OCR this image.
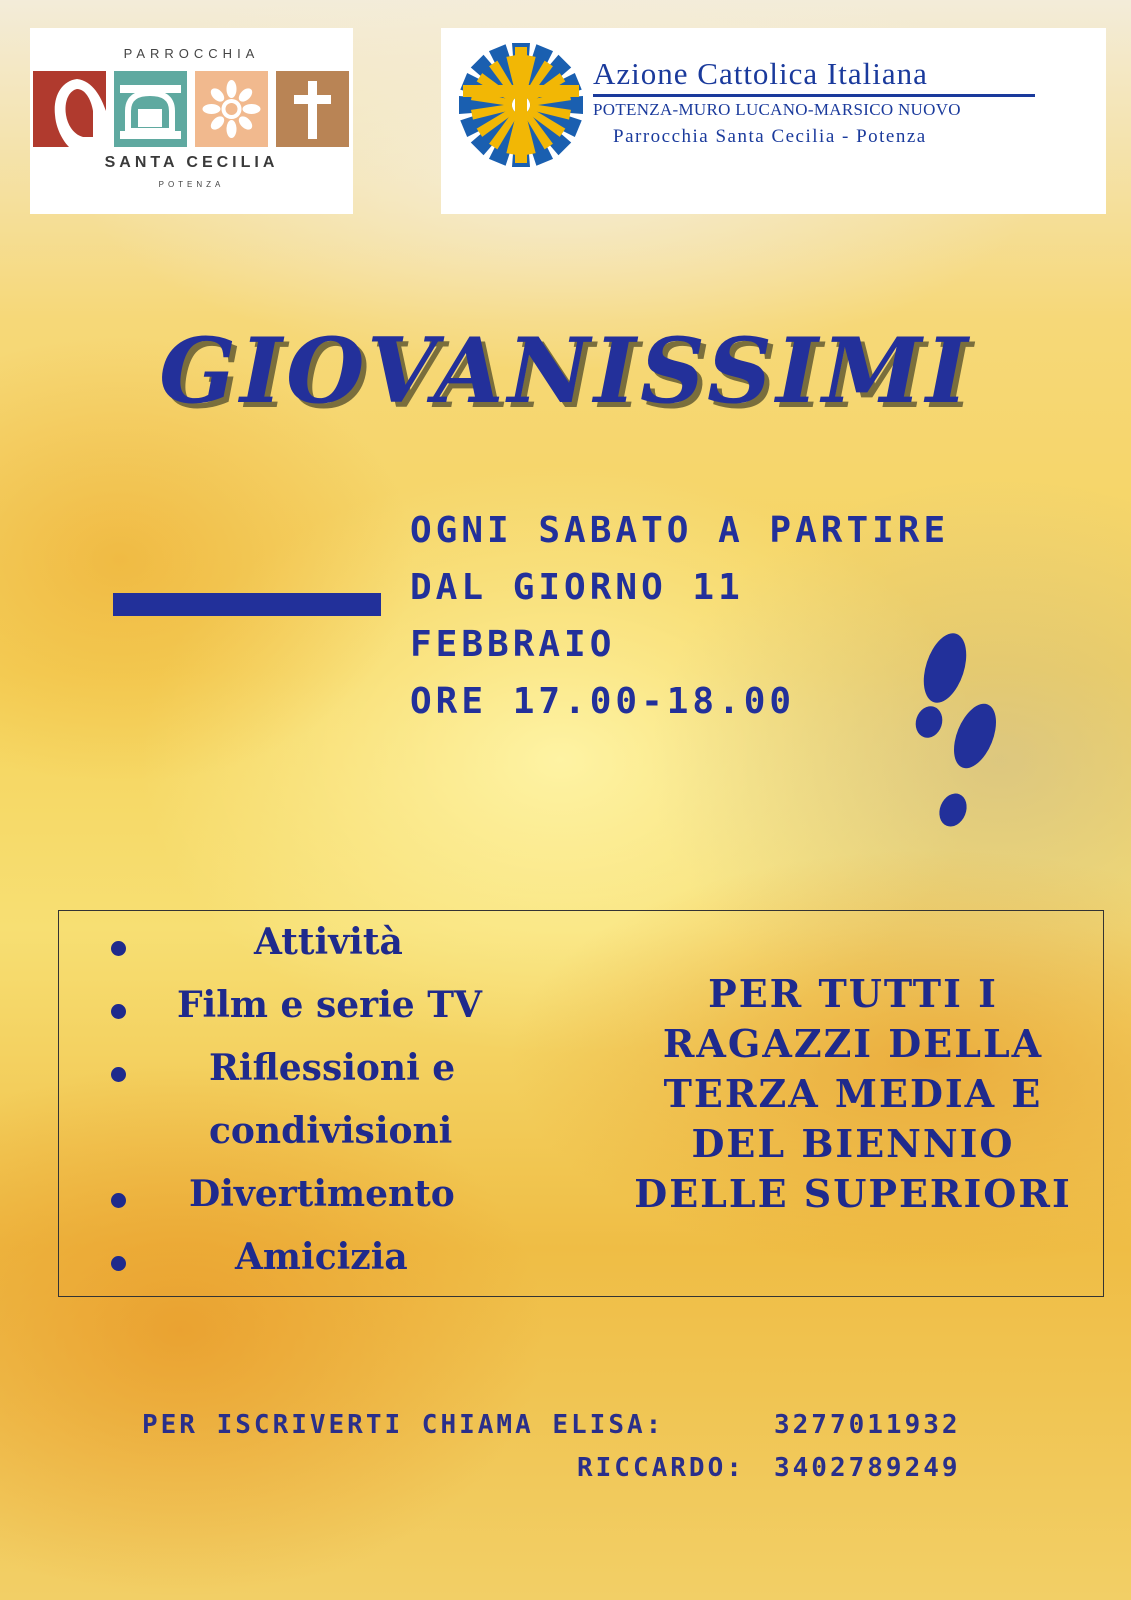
PARROCCHIA
SANTA CECILIA
POTENZA
Azione Cattolica Italiana
POTENZA-MURO LUCANO-MARSICO NUOVO
Parrocchia Santa Cecilia - Potenza
GIOVANISSIMI
OGNI SABATO A PARTIRE
DAL GIORNO 11
FEBBRAIO
ORE 17.00-18.00
Attività
Film e serie TV
Riflessioni e
condivisioni
Divertimento
Amicizia
PER TUTTI I
RAGAZZI DELLA
TERZA MEDIA E
DEL BIENNIO
DELLE SUPERIORI
PER ISCRIVERTI CHIAMA ELISA:	3277011932
RICCARDO: 3402789249
